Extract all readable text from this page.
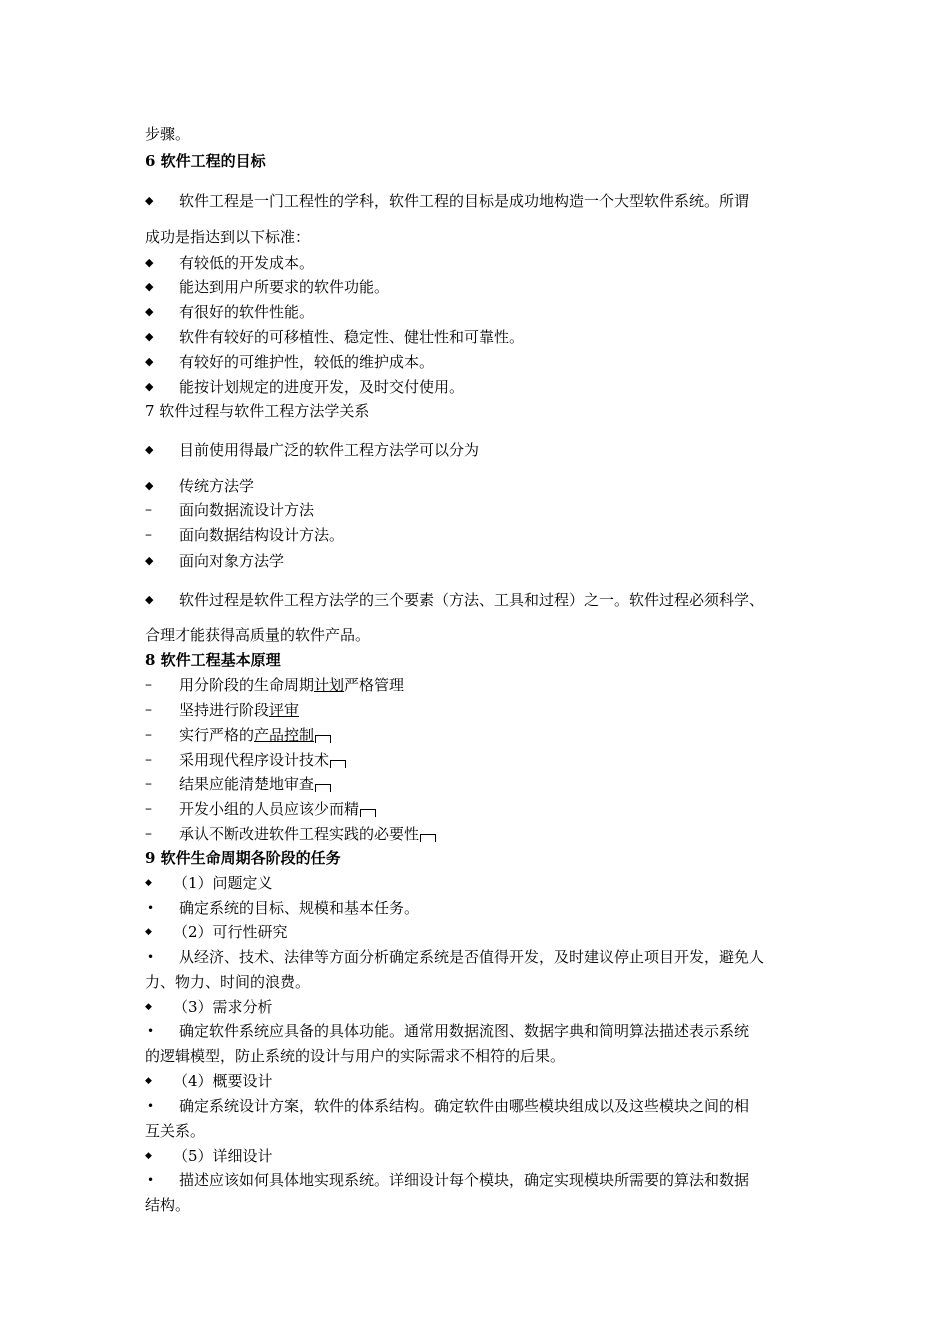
步骤。
6 软件工程的目标
◆	软件工程是一门工程性的学科，软件工程的目标是成功地构造一个大型软件系统。所谓
成功是指达到以下标准：
◆	有较低的开发成本。
◆	能达到用户所要求的软件功能。
◆	有很好的软件性能。
◆	软件有较好的可移植性、稳定性、健壮性和可靠性。
◆	有较好的可维护性，较低的维护成本。
◆	能按计划规定的进度开发，及时交付使用。
7 软件过程与软件工程方法学关系
◆	目前使用得最广泛的软件工程方法学可以分为
◆	传统方法学
–	面向数据流设计方法
–	面向数据结构设计方法。
◆	面向对象方法学
◆	软件过程是软件工程方法学的三个要素（方法、工具和过程）之一。软件过程必须科学、
合理才能获得高质量的软件产品。
8 软件工程基本原理
–	用分阶段的生命周期计划严格管理
–	坚持进行阶段评审
–	实行严格的产品控制
–	采用现代程序设计技术
–	结果应能清楚地审查
–	开发小组的人员应该少而精
–	承认不断改进软件工程实践的必要性
9 软件生命周期各阶段的任务
◆	（1）问题定义
•	确定系统的目标、规模和基本任务。
◆	（2）可行性研究
•	从经济、技术、法律等方面分析确定系统是否值得开发，及时建议停止项目开发，避免人
力、物力、时间的浪费。
◆	（3）需求分析
•	确定软件系统应具备的具体功能。通常用数据流图、数据字典和简明算法描述表示系统
的逻辑模型，防止系统的设计与用户的实际需求不相符的后果。
◆	（4）概要设计
•	确定系统设计方案，软件的体系结构。确定软件由哪些模块组成以及这些模块之间的相
互关系。
◆	（5）详细设计
•	描述应该如何具体地实现系统。详细设计每个模块，确定实现模块所需要的算法和数据
结构。
